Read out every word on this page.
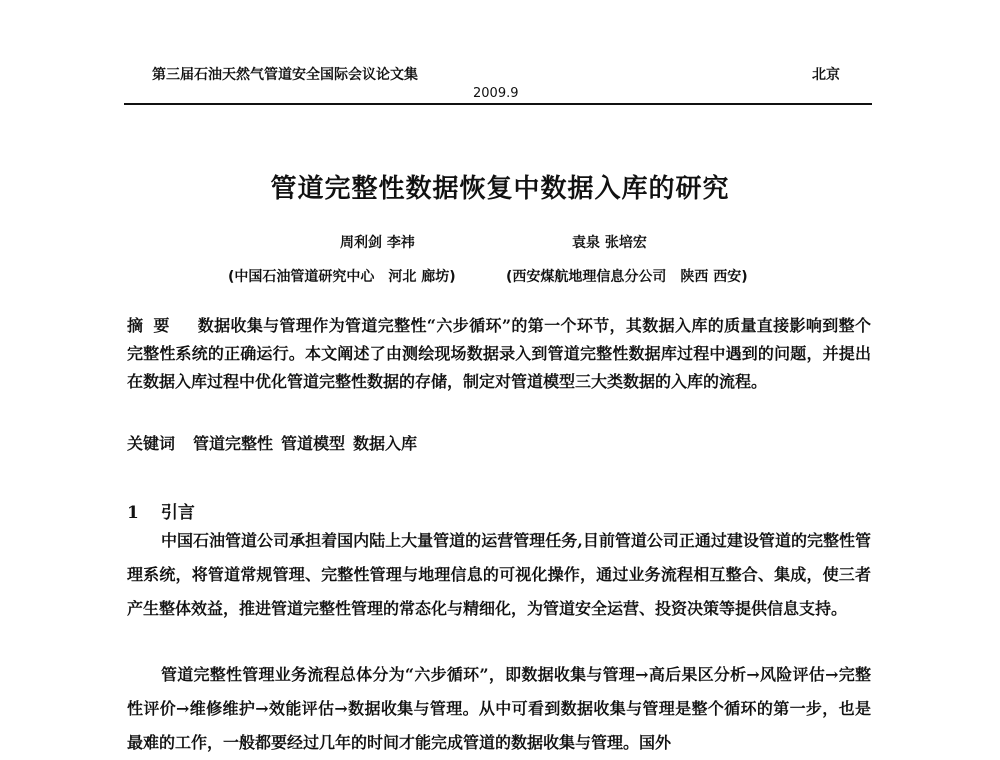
第三届石油天然气管道安全国际会议论文集	北京
2009.9
管道完整性数据恢复中数据入库的研究
周利剑 李祎	袁泉 张培宏
(中国石油管道研究中心　河北 廊坊)	(西安煤航地理信息分公司　陕西 西安)
摘要 数据收集与管理作为管道完整性“六步循环”的第一个环节，其数据入库的质量直接影响到整个完整性系统的正确运行。本文阐述了由测绘现场数据录入到管道完整性数据库过程中遇到的问题，并提出在数据入库过程中优化管道完整性数据的存储，制定对管道模型三大类数据的入库的流程。
关键词 管道完整性 管道模型 数据入库
1 引言
中国石油管道公司承担着国内陆上大量管道的运营管理任务,目前管道公司正通过建设管道的完整性管理系统，将管道常规管理、完整性管理与地理信息的可视化操作，通过业务流程相互整合、集成，使三者产生整体效益，推进管道完整性管理的常态化与精细化，为管道安全运营、投资决策等提供信息支持。
管道完整性管理业务流程总体分为“六步循环”，即数据收集与管理→高后果区分析→风险评估→完整性评价→维修维护→效能评估→数据收集与管理。从中可看到数据收集与管理是整个循环的第一步，也是最难的工作，一般都要经过几年的时间才能完成管道的数据收集与管理。国外
